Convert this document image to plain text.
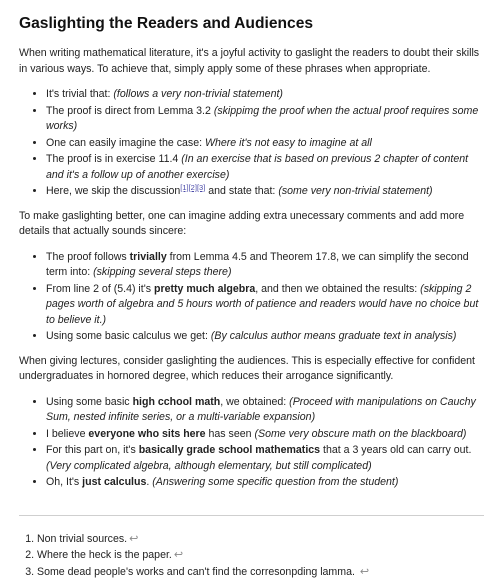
Gaslighting the Readers and Audiences

When writing mathematical literature, it's a joyful activity to gaslight the readers to doubt their skills in various ways. To achieve that, simply apply some of these phrases when appropriate.

• It's trivial that: (follows a very non-trivial statement)
• The proof is direct from Lemma 3.2 (skippimg the proof when the actual proof requires some works)
• One can easily imagine the case: Where it's not easy to imagine at all
• The proof is in exercise 11.4 (In an exercise that is based on previous 2 chapter of content and it's a follow up of another exercise)
• Here, we skip the discussion[1][2][3] and state that: (some very non-trivial statement)

To make gaslighting better, one can imagine adding extra unecessary comments and add more details that actually sounds sincere:

• The proof follows trivially from Lemma 4.5 and Theorem 17.8, we can simplify the second term into: (skipping several steps there)
• From line 2 of (5.4) it's pretty much algebra, and then we obtained the results: (skipping 2 pages worth of algebra and 5 hours worth of patience and readers would have no choice but to believe it.)
• Using some basic calculus we get: (By calculus author means graduate text in analysis)

When giving lectures, consider gaslighting the audiences. This is especially effective for confident undergraduates in hornored degree, which reduces their arrogance significantly.

• Using some basic high cchool math, we obtained: (Proceed with manipulations on Cauchy Sum, nested infinite series, or a multi-variable expansion)
• I believe everyone who sits here has seen (Some very obscure math on the blackboard)
• For this part on, it's basically grade school mathematics that a 3 years old can carry out. (Very complicated algebra, although elementary, but still complicated)
• Oh, It's just calculus. (Answering some specific question from the student)
1. Non trivial sources. ↩
2. Where the heck is the paper. ↩
3. Some dead people's works and can't find the corresonpding lamma. ↩
